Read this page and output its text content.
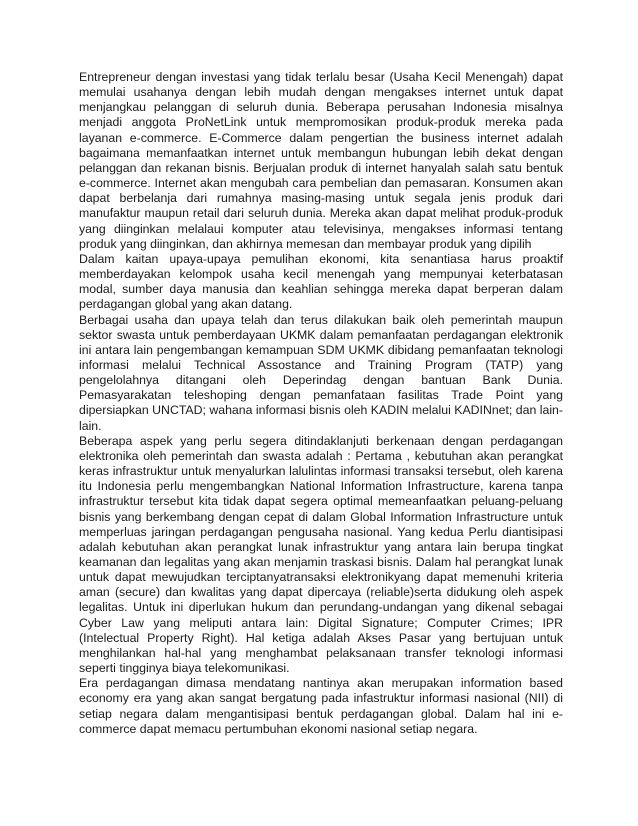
Entrepreneur dengan investasi yang tidak terlalu besar (Usaha Kecil Menengah) dapat memulai usahanya dengan lebih mudah dengan mengakses internet untuk dapat menjangkau pelanggan di seluruh dunia. Beberapa perusahan Indonesia misalnya menjadi anggota ProNetLink untuk mempromosikan produk-produk mereka pada layanan e-commerce. E-Commerce dalam pengertian the business internet adalah bagaimana memanfaatkan internet untuk membangun hubungan lebih dekat dengan pelanggan dan rekanan bisnis. Berjualan produk di internet hanyalah salah satu bentuk e-commerce. Internet akan mengubah cara pembelian dan pemasaran. Konsumen akan dapat berbelanja dari rumahnya masing-masing untuk segala jenis produk dari manufaktur maupun retail dari seluruh dunia. Mereka akan dapat melihat produk-produk yang diinginkan melalaui komputer atau televisinya, mengakses informasi tentang produk yang diinginkan, dan akhirnya memesan dan membayar produk yang dipilih

Dalam kaitan upaya-upaya pemulihan ekonomi, kita senantiasa harus proaktif memberdayakan kelompok usaha kecil menengah yang mempunyai keterbatasan modal, sumber daya manusia dan keahlian sehingga mereka dapat berperan dalam perdagangan global yang akan datang.

Berbagai usaha dan upaya telah dan terus dilakukan baik oleh pemerintah maupun sektor swasta untuk pemberdayaan UKMK dalam pemanfaatan perdagangan elektronik ini antara lain pengembangan kemampuan SDM UKMK dibidang pemanfaatan teknologi informasi melalui Technical Assostance and Training Program (TATP) yang pengelolahnya ditangani oleh Deperindag dengan bantuan Bank Dunia. Pemasyarakatan teleshoping dengan pemanfataan fasilitas Trade Point yang dipersiapkan UNCTAD; wahana informasi bisnis oleh KADIN melalui KADINnet; dan lain-lain.

Beberapa aspek yang perlu segera ditindaklanjuti berkenaan dengan perdagangan elektronika oleh pemerintah dan swasta adalah : Pertama , kebutuhan akan perangkat keras infrastruktur untuk menyalurkan lalulintas informasi transaksi tersebut, oleh karena itu Indonesia perlu mengembangkan National Information Infrastructure, karena tanpa infrastruktur tersebut kita tidak dapat segera optimal memeanfaatkan peluang-peluang bisnis yang berkembang dengan cepat di dalam Global Information Infrastructure untuk memperluas jaringan perdagangan pengusaha nasional. Yang kedua Perlu diantisipasi adalah kebutuhan akan perangkat lunak infrastruktur yang antara lain berupa tingkat keamanan dan legalitas yang akan menjamin traskasi bisnis. Dalam hal perangkat lunak untuk dapat mewujudkan terciptanyatransaksi elektronikyang dapat memenuhi kriteria aman (secure) dan kwalitas yang dapat dipercaya (reliable)serta didukung oleh aspek legalitas. Untuk ini diperlukan hukum dan perundang-undangan yang dikenal sebagai Cyber Law yang meliputi antara lain: Digital Signature; Computer Crimes; IPR (Intelectual Property Right). Hal ketiga adalah Akses Pasar yang bertujuan untuk menghilankan hal-hal yang menghambat pelaksanaan transfer teknologi informasi seperti tingginya biaya telekomunikasi.

Era perdagangan dimasa mendatang nantinya akan merupakan information based economy era yang akan sangat bergatung pada infastruktur informasi nasional (NII) di setiap negara dalam mengantisipasi bentuk perdagangan global. Dalam hal ini e-commerce dapat memacu pertumbuhan ekonomi nasional setiap negara.
